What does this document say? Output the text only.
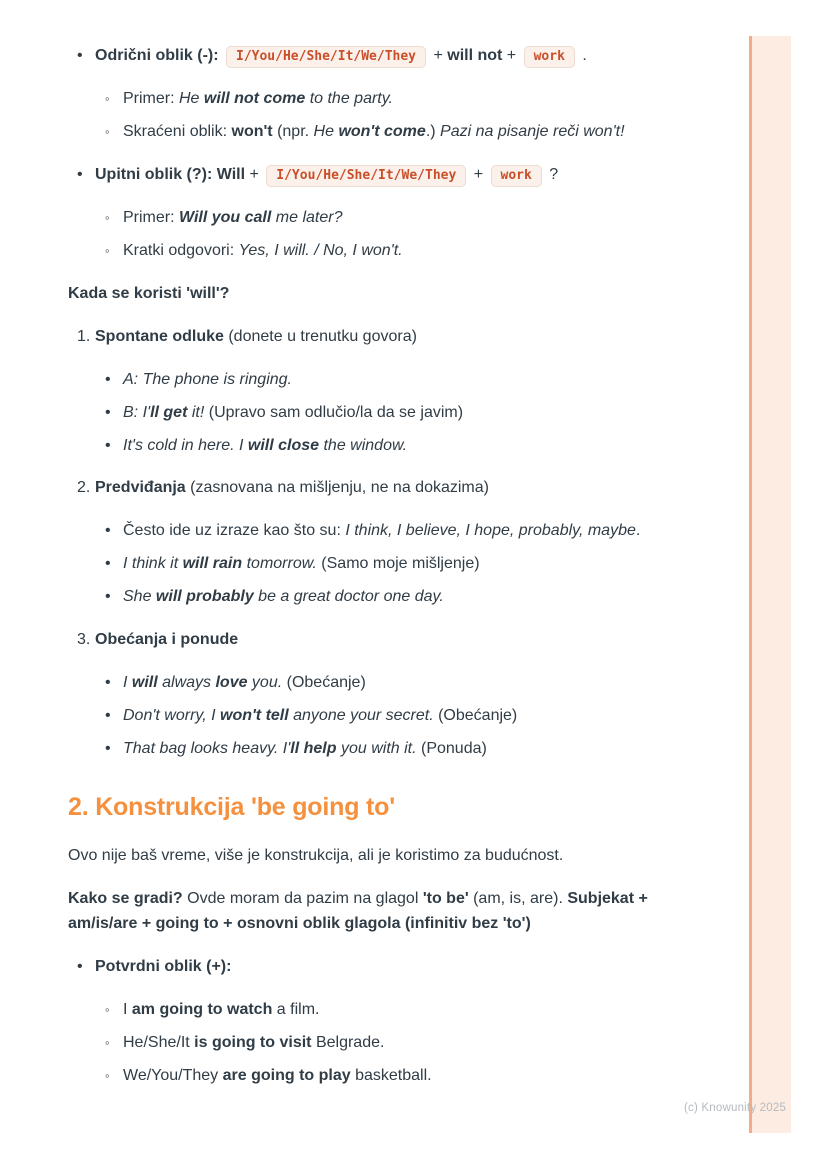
• Odrični oblik (-): I/You/He/She/It/We/They + will not + work .
◦ Primer: He will not come to the party.
◦ Skraćeni oblik: won't (npr. He won't come.) Pazi na pisanje reči won't!
• Upitni oblik (?): Will + I/You/He/She/It/We/They + work ?
◦ Primer: Will you call me later?
◦ Kratki odgovori: Yes, I will. / No, I won't.
Kada se koristi 'will'?
1. Spontane odluke (donete u trenutku govora)
• A: The phone is ringing.
• B: I'll get it! (Upravo sam odlučio/la da se javim)
• It's cold in here. I will close the window.
2. Predviđanja (zasnovana na mišljenju, ne na dokazima)
• Često ide uz izraze kao što su: I think, I believe, I hope, probably, maybe.
• I think it will rain tomorrow. (Samo moje mišljenje)
• She will probably be a great doctor one day.
3. Obećanja i ponude
• I will always love you. (Obećanje)
• Don't worry, I won't tell anyone your secret. (Obećanje)
• That bag looks heavy. I'll help you with it. (Ponuda)
2. Konstrukcija 'be going to'
Ovo nije baš vreme, više je konstrukcija, ali je koristimo za budućnost.
Kako se gradi? Ovde moram da pazim na glagol 'to be' (am, is, are). Subjekat + am/is/are + going to + osnovni oblik glagola (infinitiv bez 'to')
• Potvrdni oblik (+):
◦ I am going to watch a film.
◦ He/She/It is going to visit Belgrade.
◦ We/You/They are going to play basketball.
(c) Knowunity 2025
